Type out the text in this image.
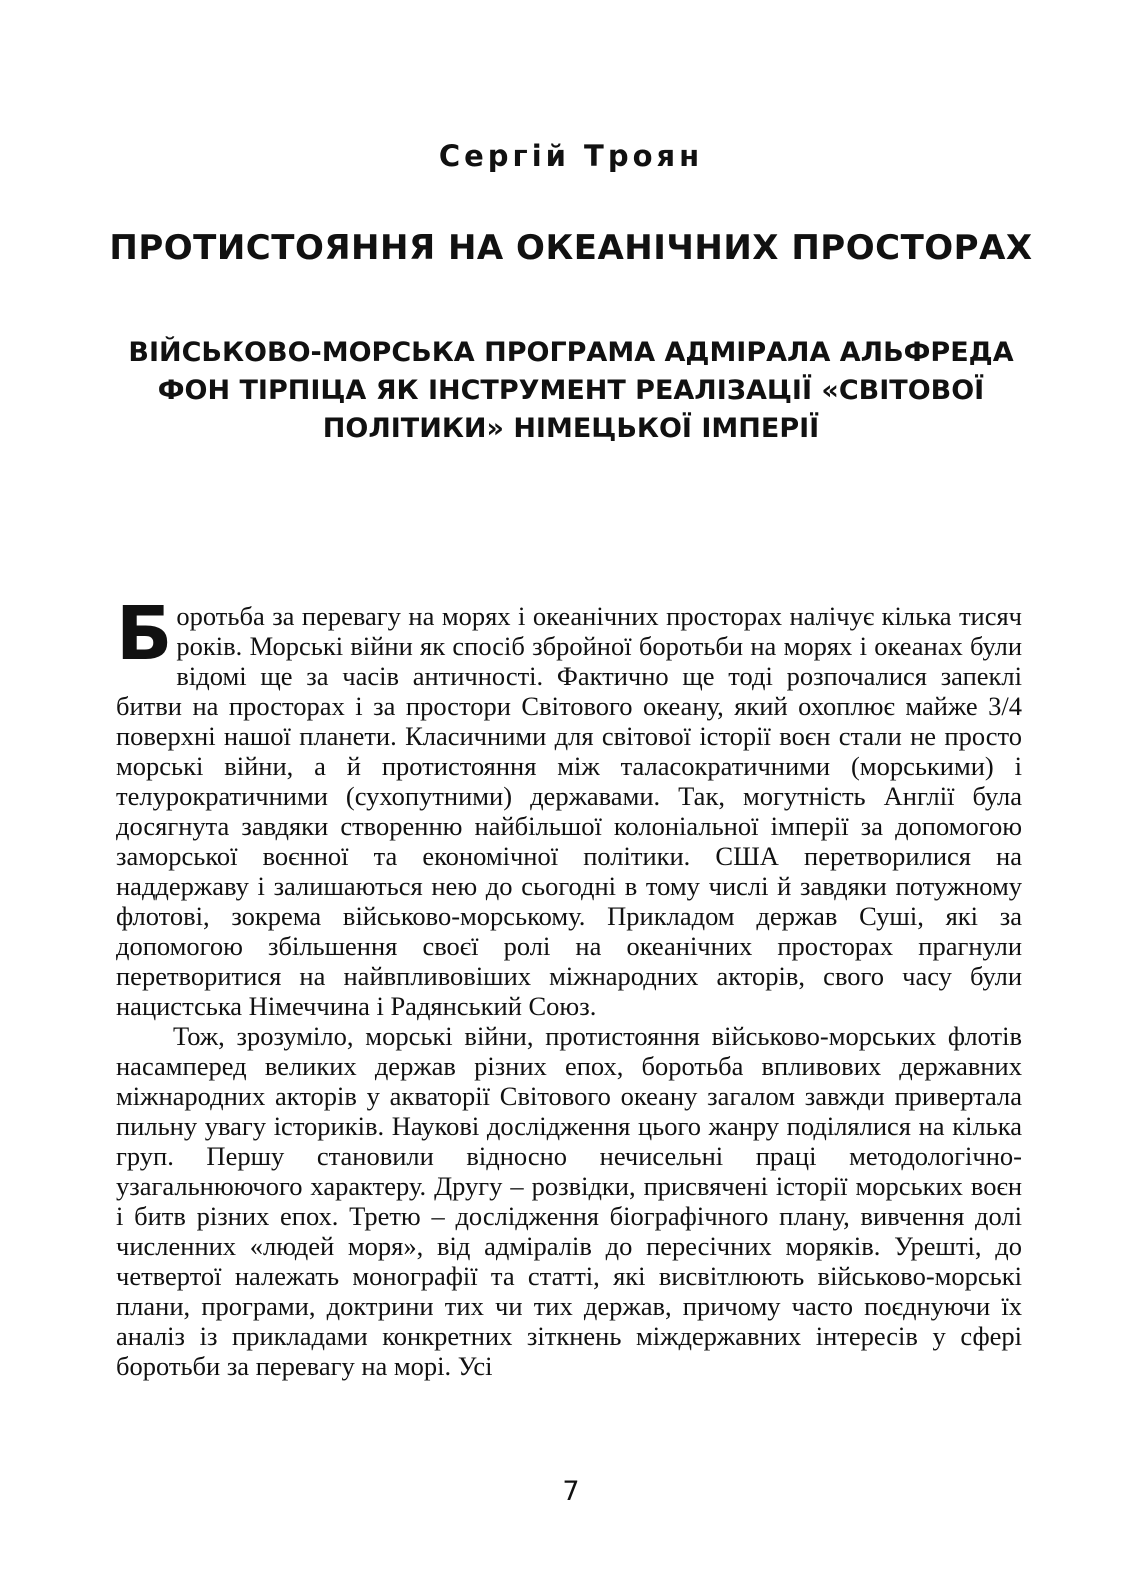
Сергій Троян
ПРОТИСТОЯННЯ НА ОКЕАНІЧНИХ ПРОСТОРАХ
ВІЙСЬКОВО-МОРСЬКА ПРОГРАМА АДМІРАЛА АЛЬФРЕДА ФОН ТІРПІЦА ЯК ІНСТРУМЕНТ РЕАЛІЗАЦІЇ «СВІТОВОЇ ПОЛІТИКИ» НІМЕЦЬКОЇ ІМПЕРІЇ

Боротьба за перевагу на морях і океанічних просторах налічує кілька тисяч років. Морські війни як спосіб збройної боротьби на морях і океанах були відомі ще за часів античності. Фактично ще тоді розпочалися запеклі битви на просторах і за простори Світового океану, який охоплює майже 3/4 поверхні нашої планети. Класичними для світової історії воєн стали не просто морські війни, а й протистояння між таласократичними (морськими) і телурократичними (сухопутними) державами. Так, могутність Англії була досягнута завдяки створенню найбільшої колоніальної імперії за допомогою заморської воєнної та економічної політики. США перетворилися на наддержаву і залишаються нею до сьогодні в тому числі й завдяки потужному флотові, зокрема військово-морському. Прикладом держав Суші, які за допомогою збільшення своєї ролі на океанічних просторах прагнули перетворитися на найвпливовіших міжнародних акторів, свого часу були нацистська Німеччина і Радянський Союз.

Тож, зрозуміло, морські війни, протистояння військово-морських флотів насамперед великих держав різних епох, боротьба впливових державних міжнародних акторів у акваторії Світового океану загалом завжди привертала пильну увагу істориків. Наукові дослідження цього жанру поділялися на кілька груп. Першу становили відносно нечисельні праці методологічно-узагальнюючого характеру. Другу – розвідки, присвячені історії морських воєн і битв різних епох. Третю – дослідження біографічного плану, вивчення долі численних «людей моря», від адміралів до пересічних моряків. Урешті, до четвертої належать монографії та статті, які висвітлюють військово-морські плани, програми, доктрини тих чи тих держав, причому часто поєднуючи їх аналіз із прикладами конкретних зіткнень міждержавних інтересів у сфері боротьби за перевагу на морі. Усі

7
